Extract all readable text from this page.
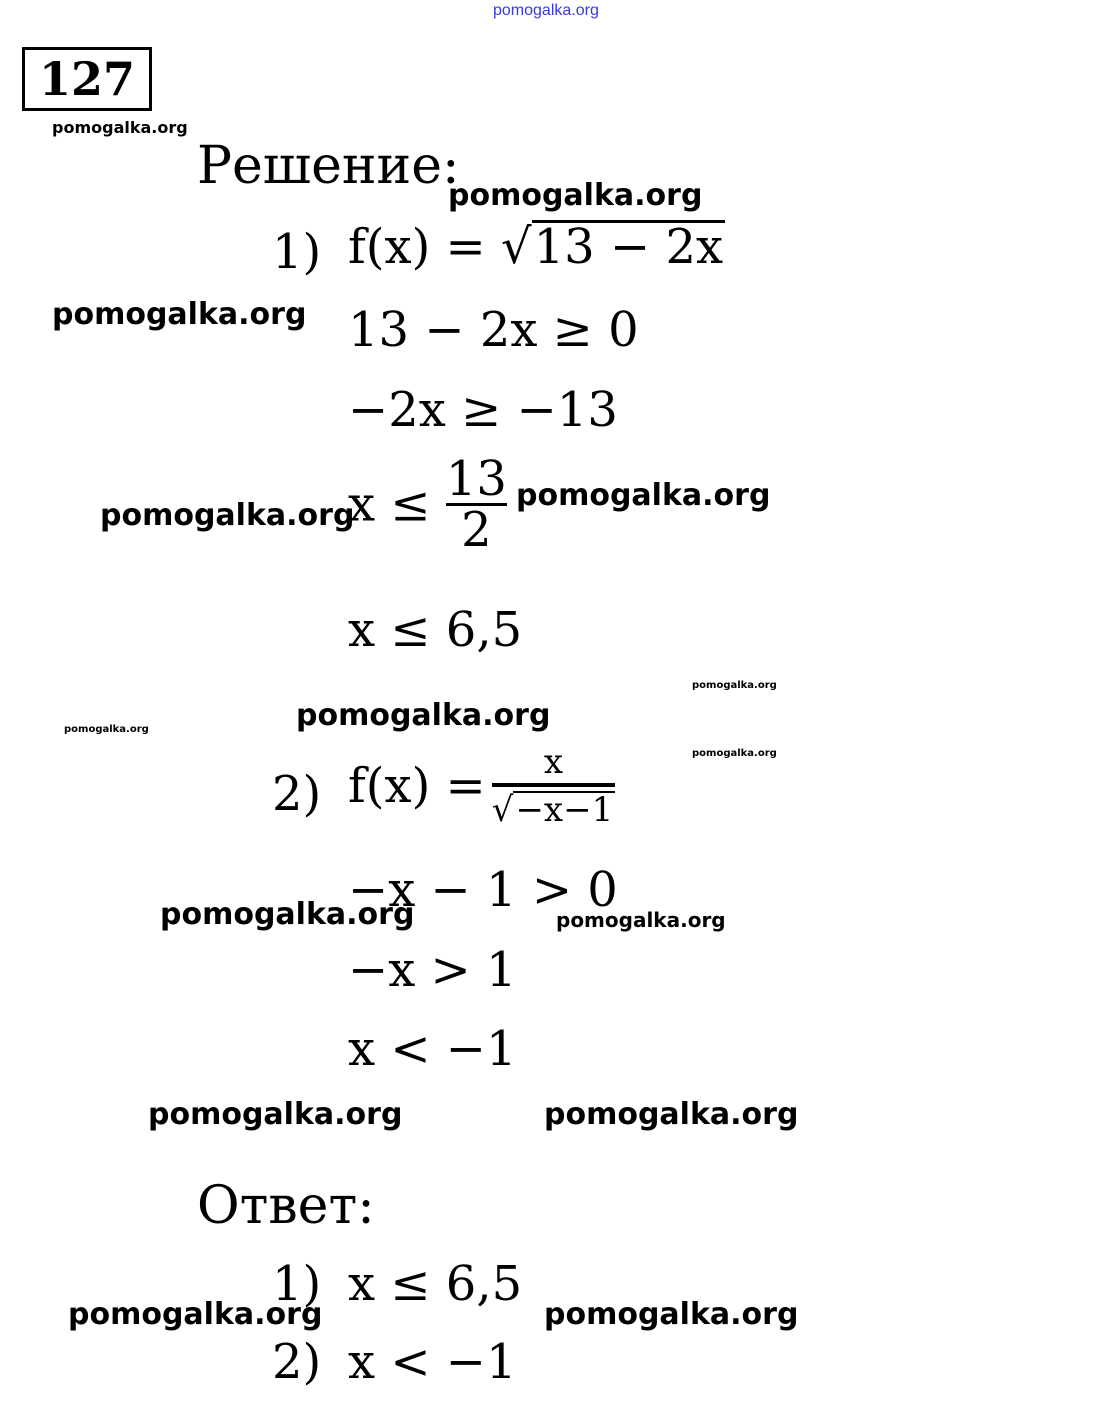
pomogalka.org
127
pomogalka.org
Решение:
pomogalka.org
1) f(x) = √ 13 − 2x
pomogalka.org 13 − 2x ≥ 0
−2x ≥ −13
pomogalka.org
$x \le \frac{13}{2}$ pomogalka.org
x ≤ 6,5
pomogalka.org
pomogalka.org	pomogalka.org
pomogalka.org
2) $f(x) = \frac{x}{√ -x-1}$
−x − 1 > 0
pomogalka.org	pomogalka.org
−x > 1
x < −1
pomogalka.org	pomogalka.org
Ответ:
1) x ≤ 6,5
pomogalka.org	pomogalka.org
2) x < −1
